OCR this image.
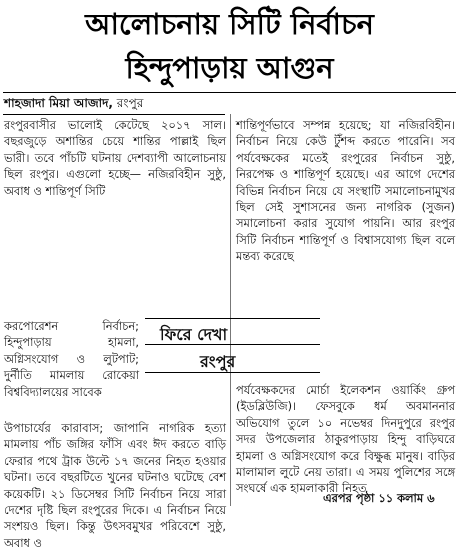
আলোচনায় সিটি নির্বাচন
হিন্দুপাড়ায় আগুন
শাহজাদা মিয়া আজাদ, রংপুর

রংপুরবাসীর ভালোই কেটেছে ২০১৭ সাল। বছরজুড়ে অশান্তির চেয়ে শান্তির পাল্লাই ছিল ভারী। তবে পাঁচটি ঘটনায় দেশব্যাপী আলোচনায় ছিল রংপুর। এগুলো হচ্ছে— নজিরবিহীন সুষ্ঠু, অবাধ ও শান্তিপূর্ণ সিটি

করপোরেশন নির্বাচন; হিন্দুপাড়ায় হামলা, অগ্নিসংযোগ ও লুটপাট; দুর্নীতি মামলায় রোকেয়া বিশ্ববিদ্যালয়ের সাবেক

উপাচার্যের কারাবাস; জাপানি নাগরিক হত্যা মামলায় পাঁচ জঙ্গির ফাঁসি এবং ঈদ করতে বাড়ি ফেরার পথে ট্রাক উল্টে ১৭ জনের নিহত হওয়ার ঘটনা। তবে বছরটিতে খুনের ঘটনাও ঘটেছে বেশ কয়েকটি। ২১ ডিসেম্বর সিটি নির্বাচন নিয়ে সারা দেশের দৃষ্টি ছিল রংপুরের দিকে। এ নির্বাচন নিয়ে সংশয়ও ছিল। কিন্তু উৎসবমুখর পরিবেশে সুষ্ঠু, অবাধ ও

শান্তিপূর্ণভাবে সম্পন্ন হয়েছে; যা নজিরবিহীন। নির্বাচন নিয়ে কেউ টুঁশব্দ করতে পারেনি। সব পর্যবেক্ষকের মতেই রংপুরের নির্বাচন সুষ্ঠু, নিরপেক্ষ ও শান্তিপূর্ণ হয়েছে। এর আগে দেশের বিভিন্ন নির্বাচন নিয়ে যে সংস্থাটি সমালোচনামুখর ছিল সেই সুশাসনের জন্য নাগরিক (সুজন) সমালোচনা করার সুযোগ পায়নি। আর রংপুর সিটি নির্বাচন শান্তিপূর্ণ ও বিশ্বাসযোগ্য ছিল বলে মন্তব্য করেছে

পর্যবেক্ষকদের মোর্চা ইলেকশন ওয়ার্কিং গ্রুপ (ইডব্লিউজি)। ফেসবুকে ধর্ম অবমাননার অভিযোগ তুলে ১০ নভেম্বর দিনদুপুরে রংপুর সদর উপজেলার ঠাকুরপাড়ায় হিন্দু বাড়িঘরে হামলা ও অগ্নিসংযোগ করে বিক্ষুব্ধ মানুষ। বাড়ির মালামাল লুটে নেয় তারা। এ সময় পুলিশের সঙ্গে সংঘর্ষে এক হামলাকারী নিহত

ফিরে দেখা
রংপুর
এরপর পৃষ্ঠা ১১ কলাম ৬
